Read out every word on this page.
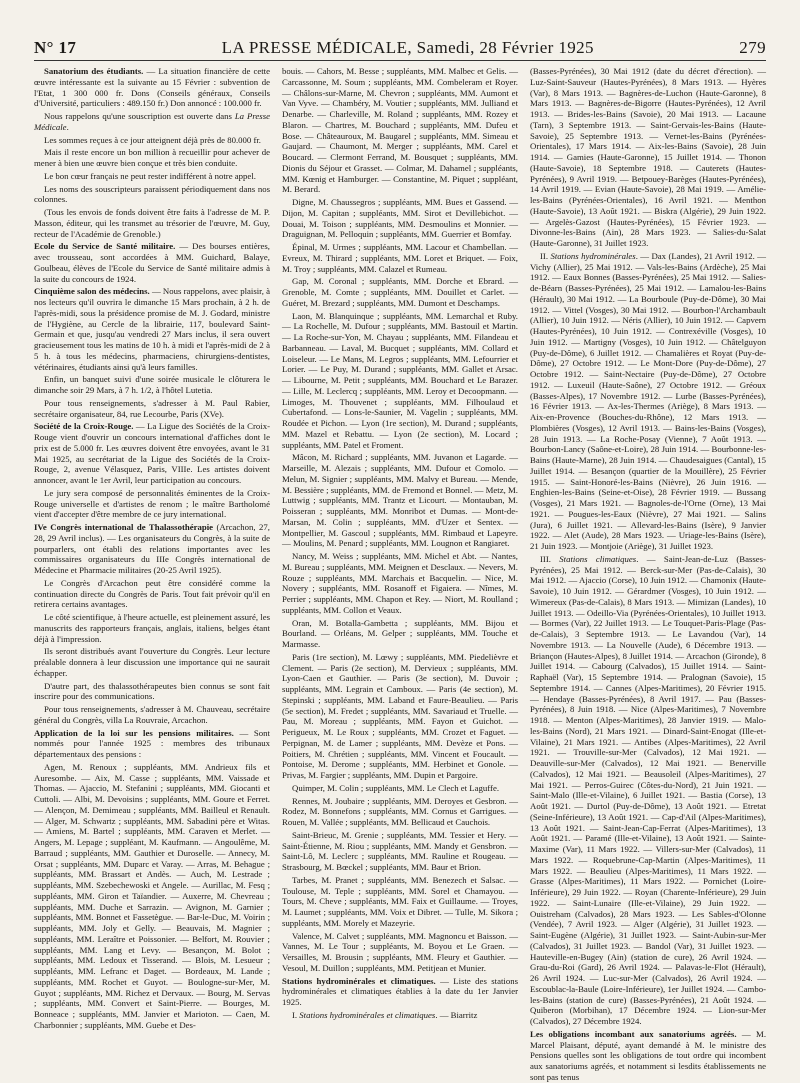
N° 17	LA PRESSE MÉDICALE, Samedi, 28 Février 1925	279

Sanatorium des étudiants. — La situation financière de cette œuvre intéressante est la suivante au 15 Février : subvention de l'Etat, 1 300 000 fr. Dons (Conseils généraux, Conseils d'Université, particuliers : 489.150 fr.) Don annoncé : 100.000 fr.

Nous rappelons qu'une souscription est ouverte dans La Presse Médicale.

Les sommes reçues à ce jour atteignent déjà près de 80.000 fr.

Mais il reste encore un bon million à recueillir pour achever de mener à bien une œuvre bien conçue et très bien conduite.

Le bon cœur français ne peut rester indifférent à notre appel.

Les noms des souscripteurs paraissent périodiquement dans nos colonnes.

(Tous les envois de fonds doivent être faits à l'adresse de M. P. Masson, éditeur, qui les transmet au trésorier de l'œuvre, M. Guy, recteur de l'Académie de Grenoble.)

Ecole du Service de Santé militaire. — Des bourses entières, avec trousseau, sont accordées à MM. Guichard, Balaye, Goulbeau, élèves de l'Ecole du Service de Santé militaire admis à la suite du concours de 1924.

Cinquième salon des médecins. — Nous rappelons, avec plaisir, à nos lecteurs qu'il ouvrira le dimanche 15 Mars prochain, à 2 h. de l'après-midi, sous la présidence promise de M. J. Godard, ministre de l'Hygiène, au Cercle de la librairie, 117, boulevard Saint-Germain et que, jusqu'au vendredi 27 Mars inclus, il sera ouvert gracieusement tous les matins de 10 h. à midi et l'après-midi de 2 à 5 h. à tous les médecins, pharmaciens, chirurgiens-dentistes, vétérinaires, étudiants ainsi qu'à leurs familles.

Enfin, un banquet suivi d'une soirée musicale le clôturera le dimanche soir 29 Mars, à 7 h. 1/2, à l'hôtel Lutetia.

Pour tous renseignements, s'adresser à M. Paul Rabier, secrétaire organisateur, 84, rue Lecourbe, Paris (XVe).

Société de la Croix-Rouge. — La Ligue des Sociétés de la Croix-Rouge vient d'ouvrir un concours international d'affiches dont le prix est de 5.000 fr. Les œuvres doivent être envoyées, avant le 31 Mai 1925, au secrétariat de la Ligue des Sociétés de la Croix-Rouge, 2, avenue Vélasquez, Paris, VIIIe. Les artistes doivent annoncer, avant le 1er Avril, leur participation au concours.

Le jury sera composé de personnalités éminentes de la Croix-Rouge universelle et d'artistes de renom ; le maître Bartholomé vient d'accepter d'être membre de ce jury international.

IVe Congrès international de Thalassothérapie (Arcachon, 27, 28, 29 Avril inclus). — Les organisateurs du Congrès, à la suite de pourparlers, ont établi des relations importantes avec les commissaires organisateurs du IIIe Congrès international de Médecine et Pharmacie militaires (20-25 Avril 1925).

Le Congrès d'Arcachon peut être considéré comme la continuation directe du Congrès de Paris. Tout fait prévoir qu'il en retirera certains avantages.

Le côté scientifique, à l'heure actuelle, est pleinement assuré, les manuscrits des rapporteurs français, anglais, italiens, belges étant déjà à l'impression.

Ils seront distribués avant l'ouverture du Congrès. Leur lecture préalable donnera à leur discussion une importance qui ne saurait échapper.

D'autre part, des thalassothérapeutes bien connus se sont fait inscrire pour des communications.

Pour tous renseignements, s'adresser à M. Chauveau, secrétaire général du Congrès, villa La Rouvraie, Arcachon.

Application de la loi sur les pensions militaires. — Sont nommés pour l'année 1925 : membres des tribunaux départementaux des pensions :

Agen, M. Renoux ; suppléants, MM. Andrieux fils et Auresombe. — Aix, M. Casse ; suppléants, MM. Vaissade et Thomas. — Ajaccio, M. Stefanini ; suppléants, MM. Giocanti et Cuttoli. — Albi, M. Devoisins ; suppléants, MM. Goure et Ferret. — Alençon, M. Demimeau ; suppléants, MM. Bailleul et Renault. — Alger, M. Schwartz ; suppléants, MM. Sabadini père et Witas. — Amiens, M. Bartel ; suppléants, MM. Caraven et Merlet. — Angers, M. Lepage ; suppléant, M. Kaufmann. — Angoulême, M. Barraud ; suppléants, MM. Gauthier et Duroselle. — Annecy, M. Orsat ; suppléants, MM. Duparc et Varay. — Arras, M. Behague ; suppléants, MM. Brassart et Andès. — Auch, M. Lestrade ; suppléants, MM. Szebechewoski et Angele. — Aurillac, M. Fesq ; suppléants, MM. Giron et Taïandier. — Auxerre, M. Chevreau ; suppléants, MM. Duche et Sarrazin. — Avignon, M. Garnier ; suppléants, MM. Bonnet et Fassetègue. — Bar-le-Duc, M. Voirin ; suppléants, MM. Joly et Gelly. — Beauvais, M. Magnier ; suppléants, MM. Leraître et Poissonier. — Belfort, M. Rouvier ; suppléants, MM. Lang et Levy. — Besançon, M. Bolot ; suppléants, MM. Ledoux et Tisserand. — Blois, M. Lesueur ; suppléants, MM. Lefranc et Daget. — Bordeaux, M. Lande ; suppléants, MM. Rochet et Guyot. — Boulogne-sur-Mer, M. Guyot ; suppléants, MM. Richez et Dervaux. — Bourg, M. Servas ; suppléants, MM. Convert et Saint-Pierre. — Bourges, M. Bonneace ; suppléants, MM. Janvier et Marioton. — Caen, M. Charbonnier ; suppléants, MM. Guebe et Des-

bouis. — Cahors, M. Besse ; suppléants, MM. Malbec et Gelis. — Carcassonne, M. Soum ; suppléants, MM. Combeleram et Royer. — Châlons-sur-Marne, M. Chevron ; suppléants, MM. Aumont et Van Vyve. — Chambéry, M. Voutier ; suppléants, MM. Julliand et Denarbe. — Charleville, M. Roland ; suppléants, MM. Rozey et Blaron. — Chartres, M. Bouchard ; suppléants, MM. Dufeu et Bose. — Châteauroux, M. Baugarel ; suppléants, MM. Simeau et Gaujard. — Chaumont, M. Merger ; suppléants, MM. Carel et Boucard. — Clermont Ferrand, M. Bousquet ; suppléants, MM. Dionis du Séjour et Grasset. — Colmar, M. Dahamel ; suppléants, MM. Kœnig et Hamburger. — Constantine, M. Piquet ; suppléant, M. Berard.

Digne, M. Chaussegros ; suppléants, MM. Bues et Gassend. — Dijon, M. Capitan ; suppléants, MM. Sirot et Devillebichot. — Douai, M. Toison ; suppléants, MM. Desmoulins et Monnier. — Draguignan, M. Pelloquin ; suppléants, MM. Guerrier et Bomfay.

Épinal, M. Urmes ; suppléants, MM. Lacour et Chambellan. — Evreux, M. Thirard ; suppléants, MM. Loret et Briquet. — Foix, M. Troy ; suppléants, MM. Calazel et Rumeau.

Gap, M. Coronal ; suppléants, MM. Dorche et Ebrard. — Grenoble, M. Comte ; suppléants, MM. Douillet et Carlet. — Guéret, M. Brezard ; suppléants, MM. Dumont et Deschamps.

Laon, M. Blanquinque ; suppléants, MM. Lemarchal et Ruby. — La Rochelle, M. Dufour ; suppléants, MM. Bastouil et Martin. — La Roche-sur-Yon, M. Chayau ; suppléants, MM. Filandeau et Barbanneau. — Laval, M. Bucquet ; suppléants, MM. Collard et Loiseleur. — Le Mans, M. Legros ; suppléants, MM. Lefourrier et Lorier. — Le Puy, M. Durand ; suppléants, MM. Gallet et Arsac. — Libourne, M. Petit ; suppléants, MM. Bouchard et Le Barazer. — Lille, M. Leclercq ; suppléants, MM. Leroy et Decoopmann. — Limoges, M. Thouvenet ; suppléants, MM. Filhoulaud et Cubertafond. — Lons-le-Saunier, M. Vagelin ; suppléants, MM. Roudée et Pichon. — Lyon (1re section), M. Durand ; suppléants, MM. Mazel et Rebattu. — Lyon (2e section), M. Locard ; suppléants, MM. Patel et Froment.

Mâcon, M. Richard ; suppléants, MM. Juvanon et Lagarde. — Marseille, M. Alezais ; suppléants, MM. Dufour et Comolo. — Melun, M. Signier ; suppléants, MM. Malvy et Bureau. — Mende, M. Bessière ; suppléants, MM. de Fremond et Bonnel. — Metz, M. Luttwig ; suppléants, MM. Trantz et Licourt. — Montauban, M. Poisseran ; suppléants, MM. Monribot et Dumas. — Mont-de-Marsan, M. Colin ; suppléants, MM. d'Uzer et Sentex. — Montpellier, M. Gascoul ; suppléants, MM. Rimbaud et Lapeyre. — Moulins, M. Penard ; suppléants, MM. Lougnon et Rangiaret.

Nancy, M. Weiss ; suppléants, MM. Michel et Abt. — Nantes, M. Bureau ; suppléants, MM. Meignen et Desclaux. — Nevers, M. Rouze ; suppléants, MM. Marchais et Bacquelin. — Nice, M. Novery ; suppléants, MM. Rosanoff et Figaiera. — Nîmes, M. Perrier ; suppléants, MM. Chapon et Rey. — Niort, M. Roulland ; suppléants, MM. Collon et Veaux.

Oran, M. Botalla-Gambetta ; suppléants, MM. Bijou et Bourland. — Orléans, M. Gelper ; suppléants, MM. Touche et Marmasse.

Paris (1re section), M. Lœwy ; suppléants, MM. Piedelièvre et Clement. — Paris (2e section), M. Dervieux ; suppléants, MM. Lyon-Caen et Gauthier. — Paris (3e section), M. Duvoir ; suppléants, MM. Legrain et Camboux. — Paris (4e section), M. Stepinski ; suppléants, MM. Laband et Faure-Beaulieu. — Paris (5e section), M. Fredet ; suppléants, MM. Savariaud et Truelle. — Pau, M. Moreau ; suppléants, MM. Fayon et Guichot. — Perigueux, M. Le Roux ; suppléants, MM. Crozet et Faguet. — Perpignan, M. de Lamer ; suppléants, MM. Devèze et Pons. — Poitiers, M. Chrétien ; suppléants, MM. Vincent et Foucault. — Pontoise, M. Derome ; suppléants, MM. Herbinet et Gonole. — Privas, M. Fargier ; suppléants, MM. Dupin et Pargoire.

Quimper, M. Colin ; suppléants, MM. Le Clech et Laguffe.

Rennes, M. Joubaire ; suppléants, MM. Deroyes et Gesbron. — Rodez, M. Bonnefons ; suppléants, MM. Cornus et Garrigues. — Rouen, M. Vallée ; suppléants, MM. Bellicaud et Cauchois.

Saint-Brieuc, M. Grenie ; suppléants, MM. Tessier et Hery. — Saint-Étienne, M. Riou ; suppléants, MM. Mandy et Gensbron. — Saint-Lô, M. Leclerc ; suppléants, MM. Rauline et Rougeau. — Strasbourg, M. Bœckel ; suppléants, MM. Baur et Brion.

Tarbes, M. Pranet ; suppléants, MM. Benezech et Salsac. — Toulouse, M. Teple ; suppléants, MM. Sorel et Chamayou. — Tours, M. Cheve ; suppléants, MM. Faix et Guillaume. — Troyes, M. Laumet ; suppléants, MM. Voix et Dibret. — Tulle, M. Sikora ; suppléants, MM. Morely et Mazeyrie.

Valence, M. Calvet ; suppléants, MM. Magnoncu et Baisson. — Vannes, M. Le Tour ; suppléants, M. Boyou et Le Graen. — Versailles, M. Brousin ; suppléants, MM. Fleury et Gauthier. — Vesoul, M. Duillon ; suppléants, MM. Petitjean et Munier.

Stations hydrominérales et climatiques. — Liste des stations hydrominérales et climatiques établies à la date du 1er Janvier 1925.

I. Stations hydrominérales et climatiques. — Biarritz

(Basses-Pyrénées), 30 Mai 1912 (date du décret d'érection). — Luz-Saint-Sauveur (Hautes-Pyrénées), 8 Mars 1913. — Hyères (Var), 8 Mars 1913. — Bagnères-de-Luchon (Haute-Garonne), 8 Mars 1913. — Bagnères-de-Bigorre (Hautes-Pyrénées), 12 Avril 1913. — Brides-les-Bains (Savoie), 20 Mai 1913. — Lacaune (Tarn), 3 Septembre 1913. — Saint-Gervais-les-Bains (Haute-Savoie), 25 Septembre 1913. — Vernet-les-Bains (Pyrénées-Orientales), 17 Mars 1914. — Aix-les-Bains (Savoie), 28 Juin 1914. — Gamies (Haute-Garonne), 15 Juillet 1914. — Thonon (Haute-Savoie), 18 Septembre 1918. — Cauterets (Hautes-Pyrénées), 9 Avril 1919. — Betpouey-Barèges (Hautes-Pyrénées), 14 Avril 1919. — Evian (Haute-Savoie), 28 Mai 1919. — Amélie-les-Bains (Pyrénées-Orientales), 16 Avril 1921. — Menthon (Haute-Savoie), 13 Août 1921. — Biskra (Algérie), 29 Juin 1922. — Argelès-Gazost (Hautes-Pyrénées), 15 Février 1923. — Divonne-les-Bains (Ain), 28 Mars 1923. — Salies-du-Salat (Haute-Garonne), 31 Juillet 1923.

II. Stations hydrominérales. — Dax (Landes), 21 Avril 1912. — Vichy (Allier), 25 Mai 1912. — Vals-les-Bains (Ardèche), 25 Mai 1912. — Eaux Bonnes (Basses-Pyrénées), 25 Mai 1912. — Salies-de-Béarn (Basses-Pyrénées), 25 Mai 1912. — Lamalou-les-Bains (Hérault), 30 Mai 1912. — La Bourboule (Puy-de-Dôme), 30 Mai 1912. — Vittel (Vosges), 30 Mai 1912. — Bourbon-l'Archambault (Allier), 10 Juin 1912. — Néris (Allier), 10 Juin 1912. — Capvern (Hautes-Pyrénées), 10 Juin 1912. — Contrexéville (Vosges), 10 Juin 1912. — Martigny (Vosges), 10 Juin 1912. — Châtelguyon (Puy-de-Dôme), 6 Juillet 1912. — Chamalières et Royat (Puy-de-Dôme), 27 Octobre 1912. — Le Mont-Dore (Puy-de-Dôme), 27 Octobre 1912. — Saint-Nectaire (Puy-de-Dôme), 27 Octobre 1912. — Luxeuil (Haute-Saône), 27 Octobre 1912. — Gréoux (Basses-Alpes), 17 Novembre 1912. — Lurbe (Basses-Pyrénées), 16 Février 1913. — Ax-les-Thermes (Ariège), 8 Mars 1913. — Aix-en-Provence (Bouches-du-Rhône), 12 Mars 1913. — Plombières (Vosges), 12 Avril 1913. — Bains-les-Bains (Vosges), 28 Juin 1913. — La Roche-Posay (Vienne), 7 Août 1913. — Bourbon-Lancy (Saône-et-Loire), 28 Juin 1914. — Bourbonne-les-Bains (Haute-Marne), 28 Juin 1914. — Chaudesaigues (Cantal), 15 Juillet 1914. — Besançon (quartier de la Mouillère), 25 Février 1915. — Saint-Honoré-les-Bains (Nièvre), 26 Juin 1916. — Enghien-les-Bains (Seine-et-Oise), 28 Février 1919. — Bussang (Vosges), 21 Mars 1921. — Bagnoles-de-l'Orne (Orne), 13 Mai 1921. — Pougues-les-Eaux (Nièvre), 27 Mai 1921. — Salins (Jura), 6 Juillet 1921. — Allevard-les-Bains (Isère), 9 Janvier 1922. — Alet (Aude), 28 Mars 1923. — Uriage-les-Bains (Isère), 21 Juin 1923. — Montjoie (Ariège), 31 Juillet 1923.

III. Stations climatiques. — Saint-Jean-de-Luz (Basses-Pyrénées), 25 Mai 1912. — Berck-sur-Mer (Pas-de-Calais), 30 Mai 1912. — Ajaccio (Corse), 10 Juin 1912. — Chamonix (Haute-Savoie), 10 Juin 1912. — Gérardmer (Vosges), 10 Juin 1912. — Wimereux (Pas-de-Calais), 8 Mars 1913. — Mimizan (Landes), 10 Juillet 1913. — Odeillo-Via (Pyrénées-Orientales), 10 Juillet 1913. — Bormes (Var), 22 Juillet 1913. — Le Touquet-Paris-Plage (Pas-de-Calais), 3 Septembre 1913. — Le Lavandou (Var), 14 Novembre 1913. — La Nouvelle (Aude), 6 Décembre 1913. — Briançon (Hautes-Alpes), 8 Juillet 1914. — Arcachon (Gironde), 8 Juillet 1914. — Cabourg (Calvados), 15 Juillet 1914. — Saint-Raphaël (Var), 15 Septembre 1914. — Pralognan (Savoie), 15 Septembre 1914. — Cannes (Alpes-Maritimes), 20 Février 1915. — Hendaye (Basses-Pyrénées), 8 Avril 1917. — Pau (Basses-Pyrénées), 8 Juin 1918. — Nice (Alpes-Maritimes), 7 Novembre 1918. — Menton (Alpes-Maritimes), 28 Janvier 1919. — Malo-les-Bains (Nord), 21 Mars 1921. — Dinard-Saint-Enogat (Ille-et-Vilaine), 21 Mars 1921. — Antibes (Alpes-Maritimes), 22 Avril 1921. — Trouville-sur-Mer (Calvados), 12 Mai 1921. — Deauville-sur-Mer (Calvados), 12 Mai 1921. — Benerville (Calvados), 12 Mai 1921. — Beausoleil (Alpes-Maritimes), 27 Mai 1921. — Perros-Guirec (Côtes-du-Nord), 21 Juin 1921. — Saint-Malo (Ille-et-Vilaine), 6 Juillet 1921. — Bastia (Corse), 13 Août 1921. — Durtol (Puy-de-Dôme), 13 Août 1921. — Etretat (Seine-Inférieure), 13 Août 1921. — Cap-d'Ail (Alpes-Maritimes), 13 Août 1921. — Saint-Jean-Cap-Ferrat (Alpes-Maritimes), 13 Août 1921. — Paramé (Ille-et-Vilaine), 13 Août 1921. — Sainte-Maxime (Var), 11 Mars 1922. — Villers-sur-Mer (Calvados), 11 Mars 1922. — Roquebrune-Cap-Martin (Alpes-Maritimes), 11 Mars 1922. — Beaulieu (Alpes-Maritimes), 11 Mars 1922. — Grasse (Alpes-Maritimes), 11 Mars 1922. — Pornichet (Loire-Inférieure), 29 Juin 1922. — Royan (Charente-Inférieure), 29 Juin 1922. — Saint-Lunaire (Ille-et-Vilaine), 29 Juin 1922. — Ouistreham (Calvados), 28 Mars 1923. — Les Sables-d'Olonne (Vendée), 7 Avril 1923. — Alger (Algérie), 31 Juillet 1923. — Saint-Eugène (Algérie), 31 Juillet 1923. — Saint-Aubin-sur-Mer (Calvados), 31 Juillet 1923. — Bandol (Var), 31 Juillet 1923. — Hauteville-en-Bugey (Ain) (station de cure), 26 Avril 1924. — Grau-du-Roi (Gard), 26 Avril 1924. — Palavas-le-Flot (Hérault), 26 Avril 1924. — Luc-sur-Mer (Calvados), 26 Avril 1924. — Escoublac-la-Baule (Loire-Inférieure), 1er Juillet 1924. — Cambo-les-Bains (station de cure) (Basses-Pyrénées), 21 Août 1924. — Quiberon (Morbihan), 17 Décembre 1924. — Lion-sur-Mer (Calvados), 27 Décembre 1924.

Les obligations incombant aux sanatoriums agréés. — M. Marcel Plaisant, député, ayant demandé à M. le ministre des Pensions quelles sont les obligations de tout ordre qui incombent aux sanatoriums agréés, et notamment si lesdits établissements ne sont pas tenus
